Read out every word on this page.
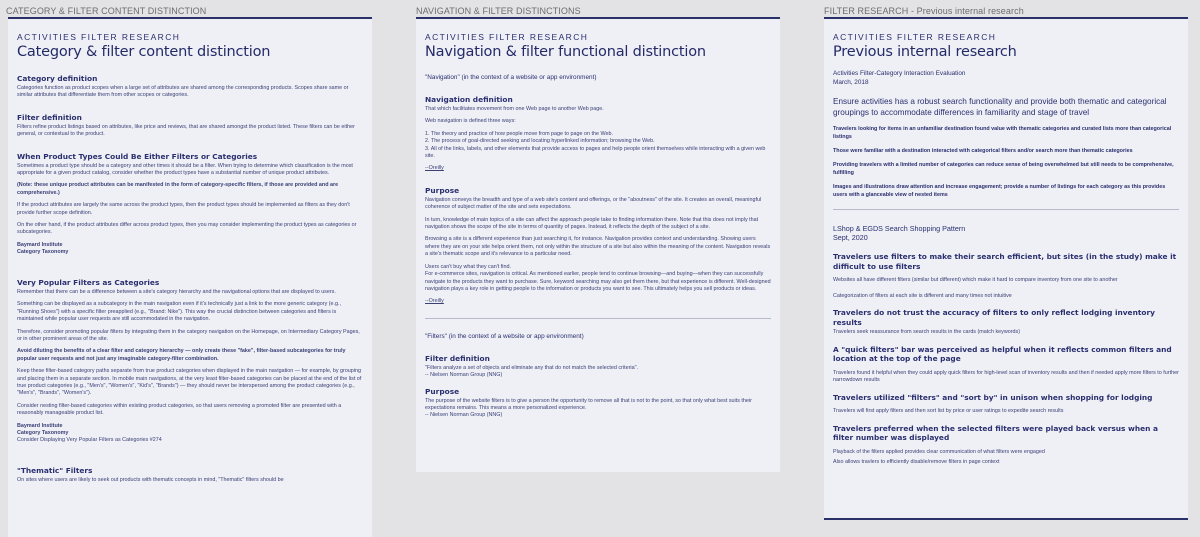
CATEGORY & FILTER CONTENT DISTINCTION	NAVIGATION & FILTER DISTINCTIONS	FILTER RESEARCH - Previous internal research
ACTIVITIES FILTER RESEARCH
Category & filter content distinction
Category definition
Categories function as product scopes when a large set of attributes are shared among the corresponding products. Scopes share same or similar attributes that differentiate them from other scopes or categories.
Filter definition
Filters refine product listings based on attributes, like price and reviews, that are shared amongst the product listed. These filters can be either general, or contextual to the product.
When Product Types Could Be Either Filters or Categories
Sometimes a product type should be a category and other times it should be a filter. When trying to determine which classification is the most appropriate for a given product catalog, consider whether the product types have a substantial number of unique product attributes.
(Note: these unique product attributes can be manifested in the form of category-specific filters, if those are provided and are comprehensive.)
If the product attributes are largely the same across the product types, then the product types should be implemented as filters as they don't provide further scope definition.
On the other hand, if the product attributes differ across product types, then you may consider implementing the product types as categories or subcategories.
Baymard Institute
Category Taxonomy
Very Popular Filters as Categories
Remember that there can be a difference between a site's category hierarchy and the navigational options that are displayed to users.
Something can be displayed as a subcategory in the main navigation even if it's technically just a link to the more generic category (e.g., "Running Shoes") with a specific filter preapplied (e.g., "Brand: Nike"). This way the crucial distinction between categories and filters is maintained while popular user requests are still accommodated in the navigation.
Therefore, consider promoting popular filters by integrating them in the category navigation on the Homepage, on Intermediary Category Pages, or in other prominent areas of the site.
Avoid diluting the benefits of a clear filter and category hierarchy — only create these "fake", filter-based subcategories for truly popular user requests and not just any imaginable category-filter combination.
Keep these filter-based category paths separate from true product categories when displayed in the main navigation — for example, by grouping and placing them in a separate section. In mobile main navigations, at the very least filter-based categories can be placed at the end of the list of true product categories (e.g., "Men's", "Women's", "Kid's", "Brands") — they should never be interspersed among the product categories (e.g., "Men's", "Brands", "Women's").
Consider nesting filter-based categories within existing product categories, so that users removing a promoted filter are presented with a reasonably manageable product list.
Baymard Institute
Category Taxonomy
Consider Displaying Very Popular Filters as Categories #274
"Thematic" Filters
On sites where users are likely to seek out products with thematic concepts in mind, "Thematic" filters should be
ACTIVITIES FILTER RESEARCH
Navigation & filter functional distinction
"Navigation" (in the context of a website or app environment)
Navigation definition
That which facilitates movement from one Web page to another Web page.
Web navigation is defined three ways:
1. The theory and practice of how people move from page to page on the Web.
2. The process of goal-directed seeking and locating hyperlinked information; browsing the Web.
3. All of the links, labels, and other elements that provide access to pages and help people orient themselves while interacting with a given web site.
--Oreilly
Purpose
Navigation conveys the breadth and type of a web site's content and offerings, or the "aboutness" of the site. It creates an overall, meaningful coherence of subject matter of the site and sets expectations.
In turn, knowledge of main topics of a site can affect the approach people take to finding information there. Note that this does not imply that navigation shows the scope of the site in terms of quantity of pages. Instead, it reflects the depth of the subject of a site.
Browsing a site is a different experience than just searching it, for instance. Navigation provides context and understanding. Showing users where they are on your site helps orient them, not only within the structure of a site but also within the meaning of the content. Navigation reveals a site's thematic scope and it's relevance to a particular need.
Users can't buy what they can't find.
For e-commerce sites, navigation is critical. As mentioned earlier, people tend to continue browsing—and buying—when they can successfully navigate to the products they want to purchase. Sure, keyword searching may also get them there, but that experience is different. Well-designed navigation plays a key role in getting people to the information or products you want to see. This ultimately helps you sell products or ideas.
--Oreilly
"Filters" (in the context of a website or app environment)
Filter definition
"Filters analyze a set of objects and eliminate any that do not match the selected criteria".
-- Nielsen Norman Group (NNG)
Purpose
The purpose of the website filters is to give a person the opportunity to remove all that is not to the point, so that only what best suits their expectations remains. This means a more personalized experience.
-- Nielsen Norman Group (NNG)
ACTIVITIES FILTER RESEARCH
Previous internal research
Activities Filter-Category Interaction Evaluation
March, 2018
Ensure activities has a robust search functionality and provide both thematic and categorical groupings to accommodate differences in familiarity and stage of travel
Travelers looking for items in an unfamiliar destination found value with thematic categories and curated lists more than categorical listings
Those were familiar with a destination interacted with categorical filters and/or search more than thematic categories
Providing travelers with a limited number of categories can reduce sense of being overwhelmed but still needs to be comprehensive, fulfilling
Images and illustrations draw attention and increase engagement; provide a number of listings for each category as this provides users with a glanceable view of nested items
LShop & EGDS Search Shopping Pattern
Sept, 2020
Travelers use filters to make their search efficient, but sites (in the study) make it difficult to use filters
Websites all have different filters (similar but different) which make it hard to compare inventory from one site to another
Categorization of filters at each site is different and many times not intuitive
Travelers do not trust the accuracy of filters to only reflect lodging inventory results
Travelers seek reassurance from search results in the cards (match keywords)
A "quick filters" bar was perceived as helpful when it reflects common filters and location at the top of the page
Travelers found it helpful when they could apply quick filters for high-level scan of inventory results and then if needed apply more filters to further narrowdown results
Travelers utilized "filters" and "sort by" in unison when shopping for lodging
Travelers will first apply filters and then sort list by price or user ratings to expedite search results
Travelers preferred when the selected filters were played back versus when a filter number was displayed
Playback of the filters applied provides clear communication of what filters were engaged
Also allows travlers to efficiently disable/remove filters in page context
